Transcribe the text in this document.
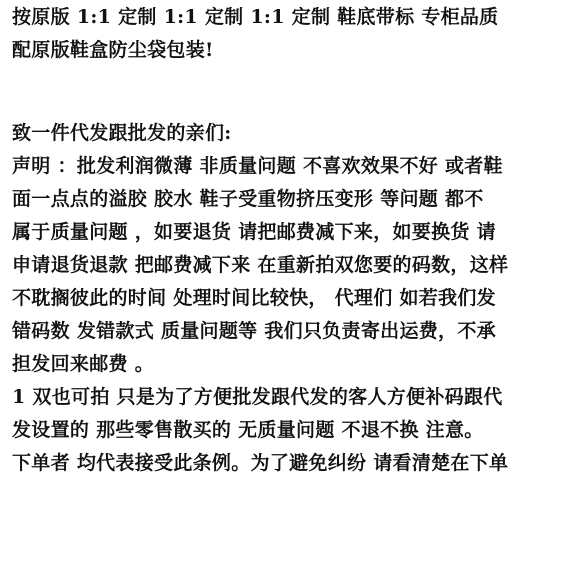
按原版 1:1 定制 1:1 定制 1:1 定制 鞋底带标 专柜品质
配原版鞋盒防尘袋包装!
致一件代发跟批发的亲们:
声明 ：批发利润微薄 非质量问题 不喜欢效果不好 或者鞋
面一点点的溢胶 胶水 鞋子受重物挤压变形 等问题 都不
属于质量问题 ，如要退货 请把邮费减下来，如要换货 请
申请退货退款 把邮费减下来 在重新拍双您要的码数，这样
不耽搁彼此的时间 处理时间比较快， 代理们 如若我们发
错码数 发错款式 质量问题等 我们只负责寄出运费，不承
担发回来邮费 。
1 双也可拍 只是为了方便批发跟代发的客人方便补码跟代
发设置的 那些零售散买的 无质量问题 不退不换 注意。
下单者 均代表接受此条例。为了避免纠纷 请看清楚在下单
